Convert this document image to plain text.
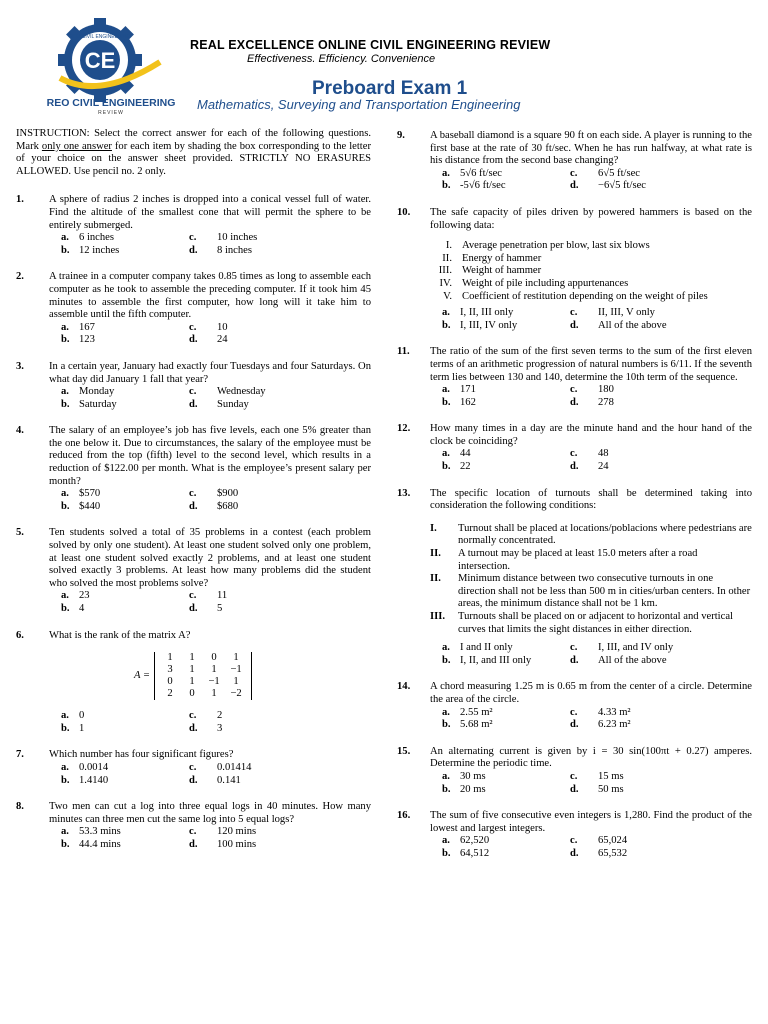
CE
REO CIVIL ENGINEERING
REO CIVIL ENGINEERING
REVIEW
REAL EXCELLENCE ONLINE CIVIL ENGINEERING REVIEW
Effectiveness. Efficiency. Convenience
Preboard Exam 1
Mathematics, Surveying and Transportation Engineering
INSTRUCTION: Select the correct answer for each of the following questions. Mark only one answer for each item by shading the box corresponding to the letter of your choice on the answer sheet provided. STRICTLY NO ERASURES ALLOWED. Use pencil no. 2 only.
1. A sphere of radius 2 inches is dropped into a conical vessel full of water. Find the altitude of the smallest cone that will permit the sphere to be entirely submerged.
a. 6 inches	c.	10 inches
b. 12 inches	d.	8 inches
2. A trainee in a computer company takes 0.85 times as long to assemble each computer as he took to assemble the preceding computer. If it took him 45 minutes to assemble the first computer, how long will it take him to assemble until the fifth computer.
a. 167	c.	10
b. 123	d.	24
3. In a certain year, January had exactly four Tuesdays and four Saturdays. On what day did January 1 fall that year?
a. Monday	c.	Wednesday
b. Saturday	d.	Sunday
4. The salary of an employee’s job has five levels, each one 5% greater than the one below it. Due to circumstances, the salary of the employee must be reduced from the top (fifth) level to the second level, which results in a reduction of $122.00 per month. What is the employee’s present salary per month?
a. $570	c.	$900
b. $440	d.	$680
5. Ten students solved a total of 35 problems in a contest (each problem solved by only one student). At least one student solved only one problem, at least one student solved exactly 2 problems, and at least one student solved exactly 3 problems. At least how many problems did the student who solved the most problems solve?
a. 23	c.	11
b. 4	d.	5
6. What is the rank of the matrix A?
A =
1	1	0	1
3	1	1	−1
0	1	−1	1
2	0	1	−2
a. 0	c.	2
b. 1	d.	3
7. Which number has four significant figures?
a. 0.0014	c.	0.01414
b. 1.4140	d.	0.141
8. Two men can cut a log into three equal logs in 40 minutes. How many minutes can three men cut the same log into 5 equal logs?
a. 53.3 mins	c.	120 mins
b. 44.4 mins	d.	100 mins
9. A baseball diamond is a square 90 ft on each side. A player is running to the first base at the rate of 30 ft/sec. When he has run halfway, at what rate is his distance from the second base changing?
a. 5√6 ft/sec	c.	6√5 ft/sec
b. -5√6 ft/sec	d.	−6√5 ft/sec
10. The safe capacity of piles driven by powered hammers is based on the following data:
I. Average penetration per blow, last six blows
II. Energy of hammer
III. Weight of hammer
IV. Weight of pile including appurtenances
V. Coefficient of restitution depending on the weight of piles
a. I, II, III only	c.	II, III, V only
b. I, III, IV only	d.	All of the above
11. The ratio of the sum of the first seven terms to the sum of the first eleven terms of an arithmetic progression of natural numbers is 6/11. If the seventh term lies between 130 and 140, determine the 10th term of the sequence.
a. 171	c.	180
b. 162	d.	278
12. How many times in a day are the minute hand and the hour hand of the clock be coinciding?
a. 44	c.	48
b. 22	d.	24
13. The specific location of turnouts shall be determined taking into consideration the following conditions:
I.	Turnout shall be placed at locations/poblacions where pedestrians are normally concentrated.
II.	A turnout may be placed at least 15.0 meters after a road intersection.
II.	Minimum distance between two consecutive turnouts in one direction shall not be less than 500 m in cities/urban centers. In other areas, the minimum distance shall not be 1 km.
III.	Turnouts shall be placed on or adjacent to horizontal and vertical curves that limits the sight distances in either direction.
a. I and II only	c.	I, III, and IV only
b. I, II, and III only	d.	All of the above
14. A chord measuring 1.25 m is 0.65 m from the center of a circle. Determine the area of the circle.
a. 2.55 m²	c.	4.33 m²
b. 5.68 m²	d.	6.23 m²
15. An alternating current is given by i = 30 sin(100πt + 0.27) amperes. Determine the periodic time.
a. 30 ms	c.	15 ms
b. 20 ms	d.	50 ms
16. The sum of five consecutive even integers is 1,280. Find the product of the lowest and largest integers.
a. 62,520	c.	65,024
b. 64,512	d.	65,532
